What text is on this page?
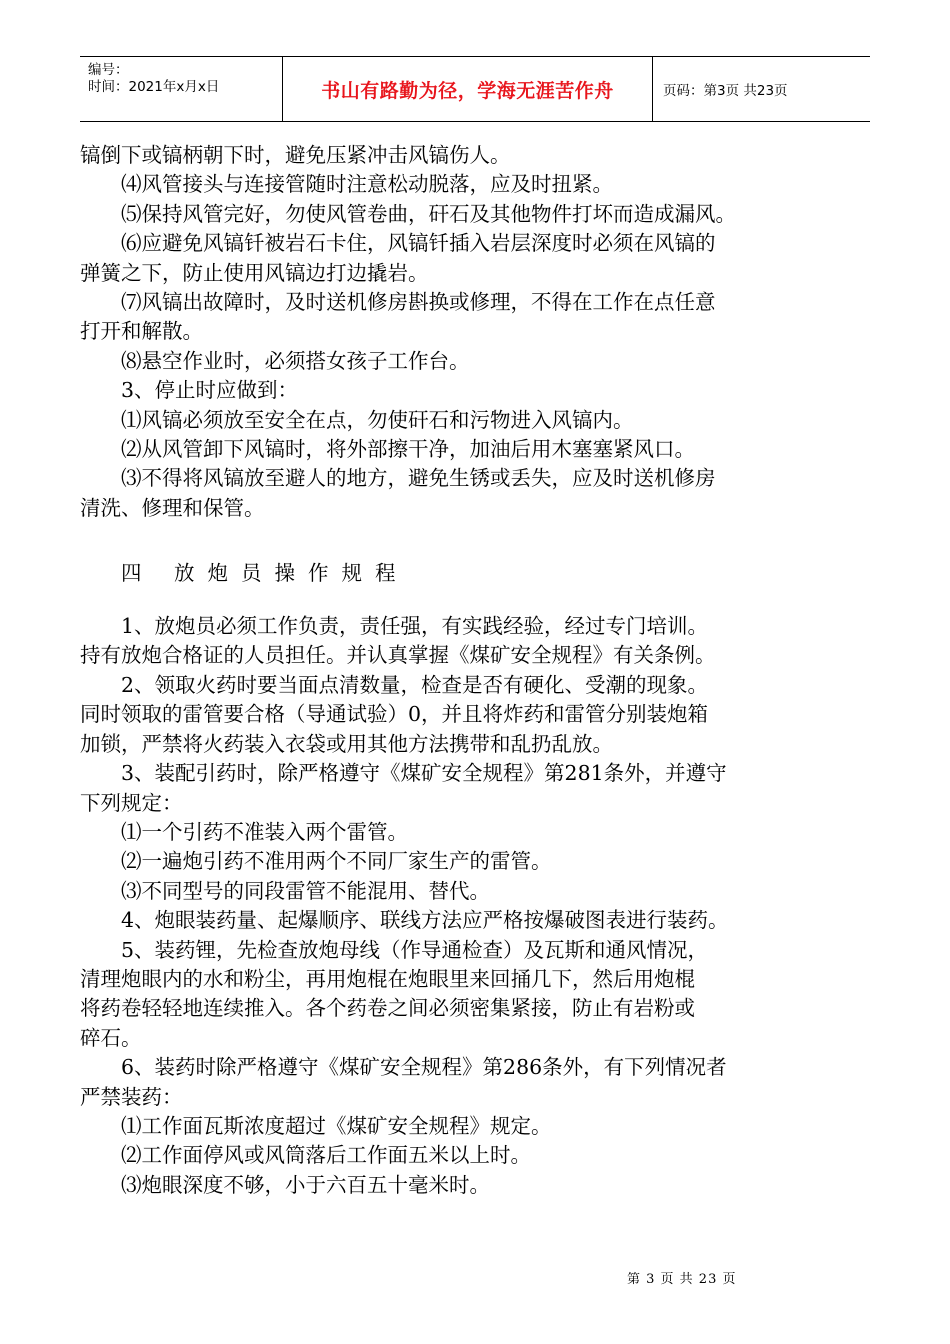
编号：
时间：2021年x月x日	书山有路勤为径，学海无涯苦作舟	页码：第3页 共23页

镐倒下或镐柄朝下时，避免压紧冲击风镐伤人。

⑷风管接头与连接管随时注意松动脱落，应及时扭紧。

⑸保持风管完好，勿使风管卷曲，矸石及其他物件打坏而造成漏风。

⑹应避免风镐钎被岩石卡住，风镐钎插入岩层深度时必须在风镐的

弹簧之下，防止使用风镐边打边撬岩。

⑺风镐出故障时，及时送机修房斟换或修理，不得在工作在点任意

打开和解散。

⑻悬空作业时，必须搭女孩子工作台。

3、停止时应做到：

⑴风镐必须放至安全在点，勿使矸石和污物进入风镐内。

⑵从风管卸下风镐时，将外部擦干净，加油后用木塞塞紧风口。

⑶不得将风镐放至避人的地方，避免生锈或丢失，应及时送机修房

清洗、修理和保管。

四 放炮员操作规程

1、放炮员必须工作负责，责任强，有实践经验，经过专门培训。

持有放炮合格证的人员担任。并认真掌握《煤矿安全规程》有关条例。

2、领取火药时要当面点清数量，检查是否有硬化、受潮的现象。

同时领取的雷管要合格（导通试验）0，并且将炸药和雷管分别装炮箱

加锁，严禁将火药装入衣袋或用其他方法携带和乱扔乱放。

3、装配引药时，除严格遵守《煤矿安全规程》第281条外，并遵守

下列规定：

⑴一个引药不准装入两个雷管。

⑵一遍炮引药不准用两个不同厂家生产的雷管。

⑶不同型号的同段雷管不能混用、替代。

4、炮眼装药量、起爆顺序、联线方法应严格按爆破图表进行装药。

5、装药锂，先检查放炮母线（作导通检查）及瓦斯和通风情况，

清理炮眼内的水和粉尘，再用炮棍在炮眼里来回捅几下，然后用炮棍

将药卷轻轻地连续推入。各个药卷之间必须密集紧接，防止有岩粉或

碎石。

6、装药时除严格遵守《煤矿安全规程》第286条外，有下列情况者

严禁装药：

⑴工作面瓦斯浓度超过《煤矿安全规程》规定。

⑵工作面停风或风筒落后工作面五米以上时。

⑶炮眼深度不够，小于六百五十毫米时。

第 3 页 共 23 页
